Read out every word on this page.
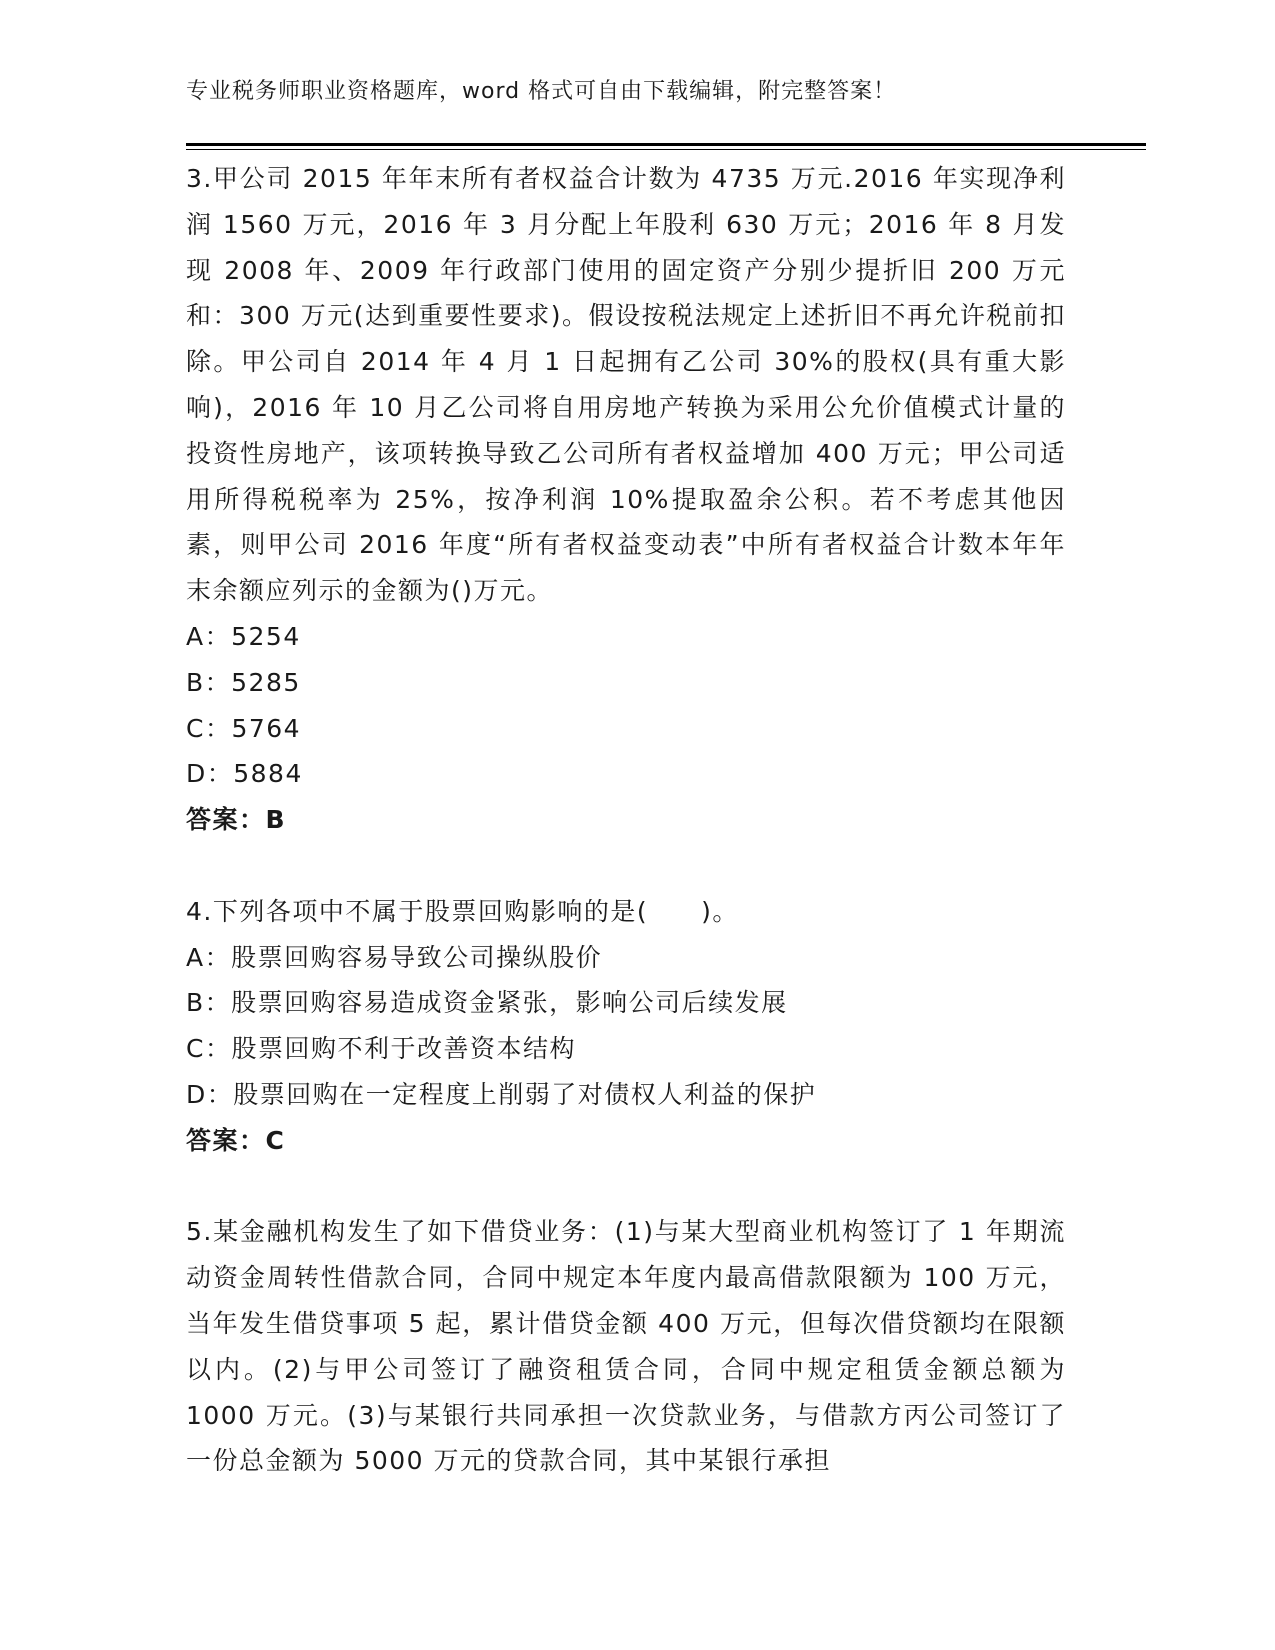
专业税务师职业资格题库，word 格式可自由下载编辑，附完整答案！

3.甲公司 2015 年年末所有者权益合计数为 4735 万元.2016 年实现净利润 1560 万元，2016 年 3 月分配上年股利 630 万元；2016 年 8 月发现 2008 年、2009 年行政部门使用的固定资产分别少提折旧 200 万元和：300 万元(达到重要性要求)。假设按税法规定上述折旧不再允许税前扣除。甲公司自 2014 年 4 月 1 日起拥有乙公司 30%的股权(具有重大影响)，2016 年 10 月乙公司将自用房地产转换为采用公允价值模式计量的投资性房地产，该项转换导致乙公司所有者权益增加 400 万元；甲公司适用所得税税率为 25%，按净利润 10%提取盈余公积。若不考虑其他因素，则甲公司 2016 年度“所有者权益变动表”中所有者权益合计数本年年末余额应列示的金额为()万元。

A：5254

B：5285

C：5764

D：5884

答案：B

4.下列各项中不属于股票回购影响的是(　　)。

A：股票回购容易导致公司操纵股价

B：股票回购容易造成资金紧张，影响公司后续发展

C：股票回购不利于改善资本结构

D：股票回购在一定程度上削弱了对债权人利益的保护

答案：C

5.某金融机构发生了如下借贷业务：(1)与某大型商业机构签订了 1 年期流动资金周转性借款合同，合同中规定本年度内最高借款限额为 100 万元，当年发生借贷事项 5 起，累计借贷金额 400 万元，但每次借贷额均在限额以内。(2)与甲公司签订了融资租赁合同，合同中规定租赁金额总额为 1000 万元。(3)与某银行共同承担一次贷款业务，与借款方丙公司签订了一份总金额为 5000 万元的贷款合同，其中某银行承担
